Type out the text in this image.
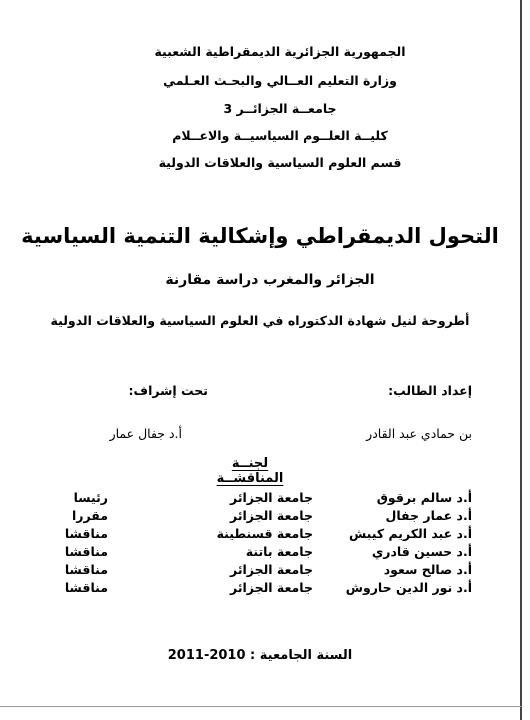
الجمهورية الجزائرية الديمقراطية الشعبية
وزارة التعليم العــالي والبحـث العـلمي
جامعــة الجزائــر 3
كليــة العلــوم السياسيــة والاعــلام
قسم العلوم السياسية والعلاقات الدولية
التحول الديمقراطي وإشكالية التنمية السياسية
الجزائر والمغرب دراسة مقارنة
أطروحة لنيل شهادة الدكتوراه في العلوم السياسية والعلاقات الدولية
إعداد الطالب:
تحت إشراف:
بن حمادي عبد القادر
أ.د جفال عمار
لجنــة المناقشــة
أ.د سالم برقوق
جامعة الجزائر
رئيسا
أ.د عمار جفال
جامعة الجزائر
مقررا
أ.د عبد الكريم كيبش
جامعة قسنطينة
مناقشا
أ.د حسين قادري
جامعة باتنة
مناقشا
أ.د صالح سعود
جامعة الجزائر
مناقشا
أ.د نور الدين حاروش
جامعة الجزائر
مناقشا
السنة الجامعية : 2010-2011
